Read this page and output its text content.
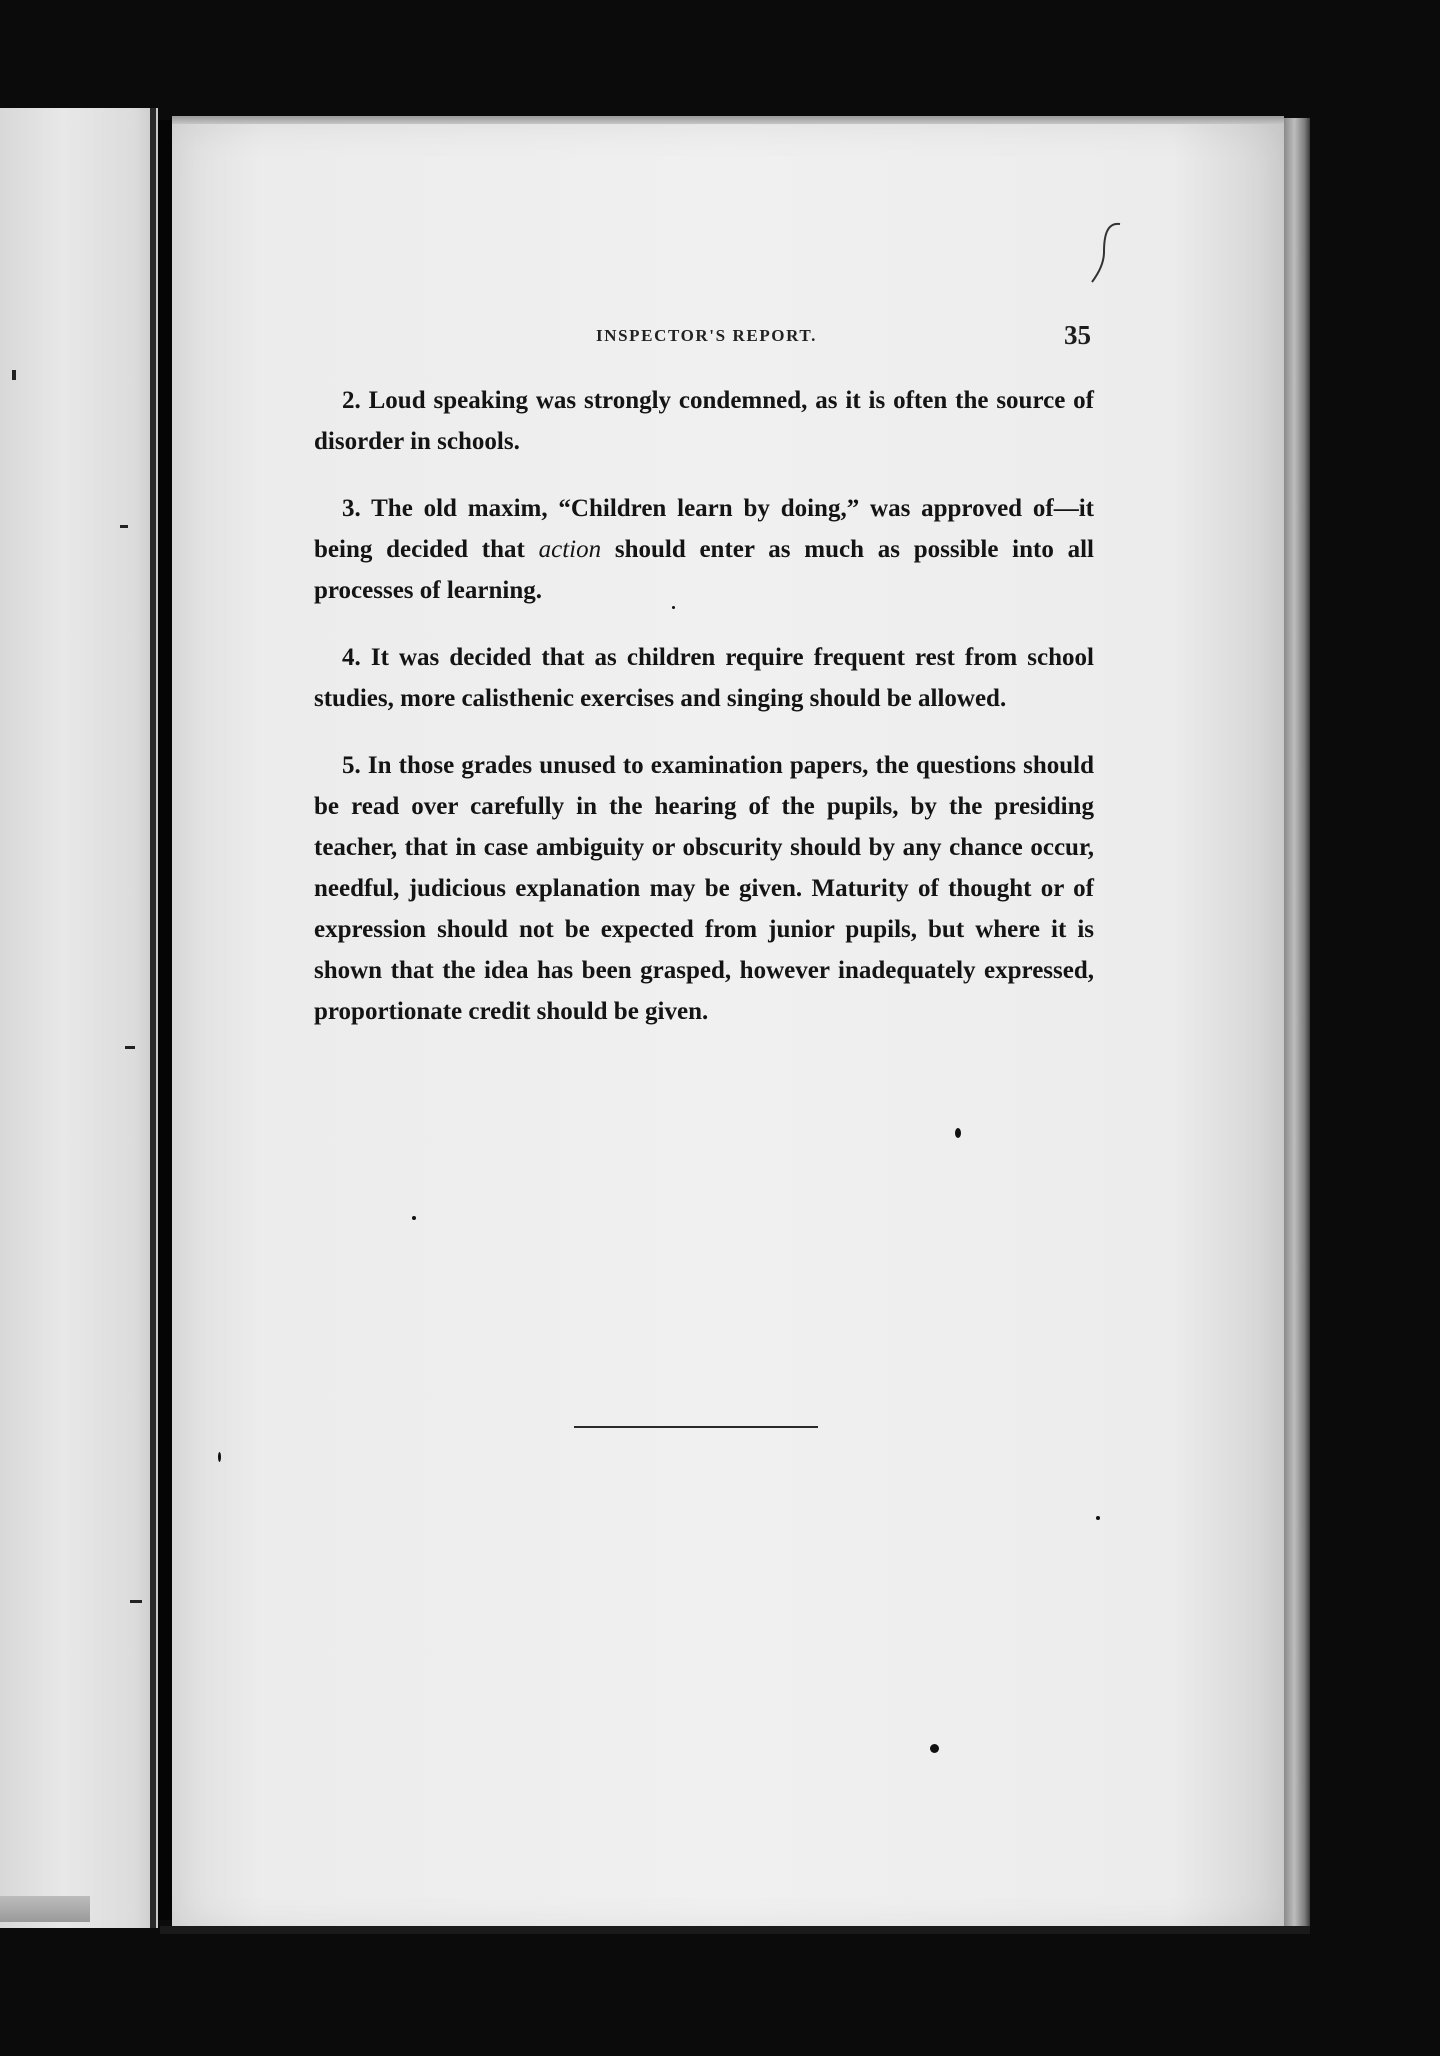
INSPECTOR'S REPORT.	35

2. Loud speaking was strongly condemned, as it is often the source of disorder in schools.

3. The old maxim, “Children learn by doing,” was approved of—it being decided that action should enter as much as possible into all processes of learning.

4. It was decided that as children require frequent rest from school studies, more calisthenic exercises and singing should be allowed.

5. In those grades unused to examination papers, the questions should be read over carefully in the hearing of the pupils, by the presiding teacher, that in case ambiguity or obscurity should by any chance occur, needful, judicious explanation may be given. Maturity of thought or of expression should not be expected from junior pupils, but where it is shown that the idea has been grasped, however inadequately expressed, proportionate credit should be given.
